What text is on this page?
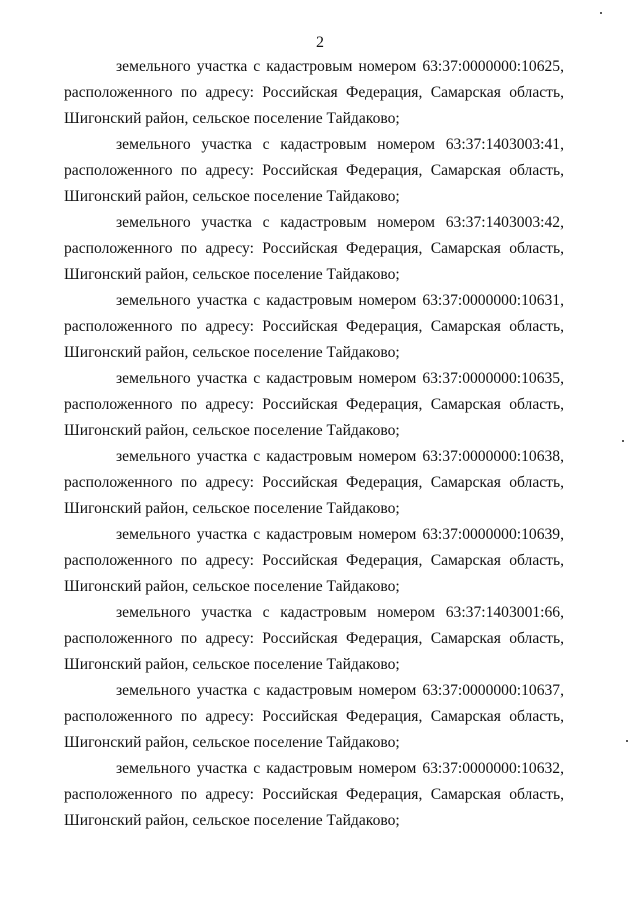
2
земельного участка с кадастровым номером 63:37:0000000:10625,
расположенного по адресу: Российская Федерация, Самарская область,
Шигонский район, сельское поселение Тайдаково;
земельного участка с кадастровым номером 63:37:1403003:41,
расположенного по адресу: Российская Федерация, Самарская область,
Шигонский район, сельское поселение Тайдаково;
земельного участка с кадастровым номером 63:37:1403003:42,
расположенного по адресу: Российская Федерация, Самарская область,
Шигонский район, сельское поселение Тайдаково;
земельного участка с кадастровым номером 63:37:0000000:10631,
расположенного по адресу: Российская Федерация, Самарская область,
Шигонский район, сельское поселение Тайдаково;
земельного участка с кадастровым номером 63:37:0000000:10635,
расположенного по адресу: Российская Федерация, Самарская область,
Шигонский район, сельское поселение Тайдаково;
земельного участка с кадастровым номером 63:37:0000000:10638,
расположенного по адресу: Российская Федерация, Самарская область,
Шигонский район, сельское поселение Тайдаково;
земельного участка с кадастровым номером 63:37:0000000:10639,
расположенного по адресу: Российская Федерация, Самарская область,
Шигонский район, сельское поселение Тайдаково;
земельного участка с кадастровым номером 63:37:1403001:66,
расположенного по адресу: Российская Федерация, Самарская область,
Шигонский район, сельское поселение Тайдаково;
земельного участка с кадастровым номером 63:37:0000000:10637,
расположенного по адресу: Российская Федерация, Самарская область,
Шигонский район, сельское поселение Тайдаково;
земельного участка с кадастровым номером 63:37:0000000:10632,
расположенного по адресу: Российская Федерация, Самарская область,
Шигонский район, сельское поселение Тайдаково;
